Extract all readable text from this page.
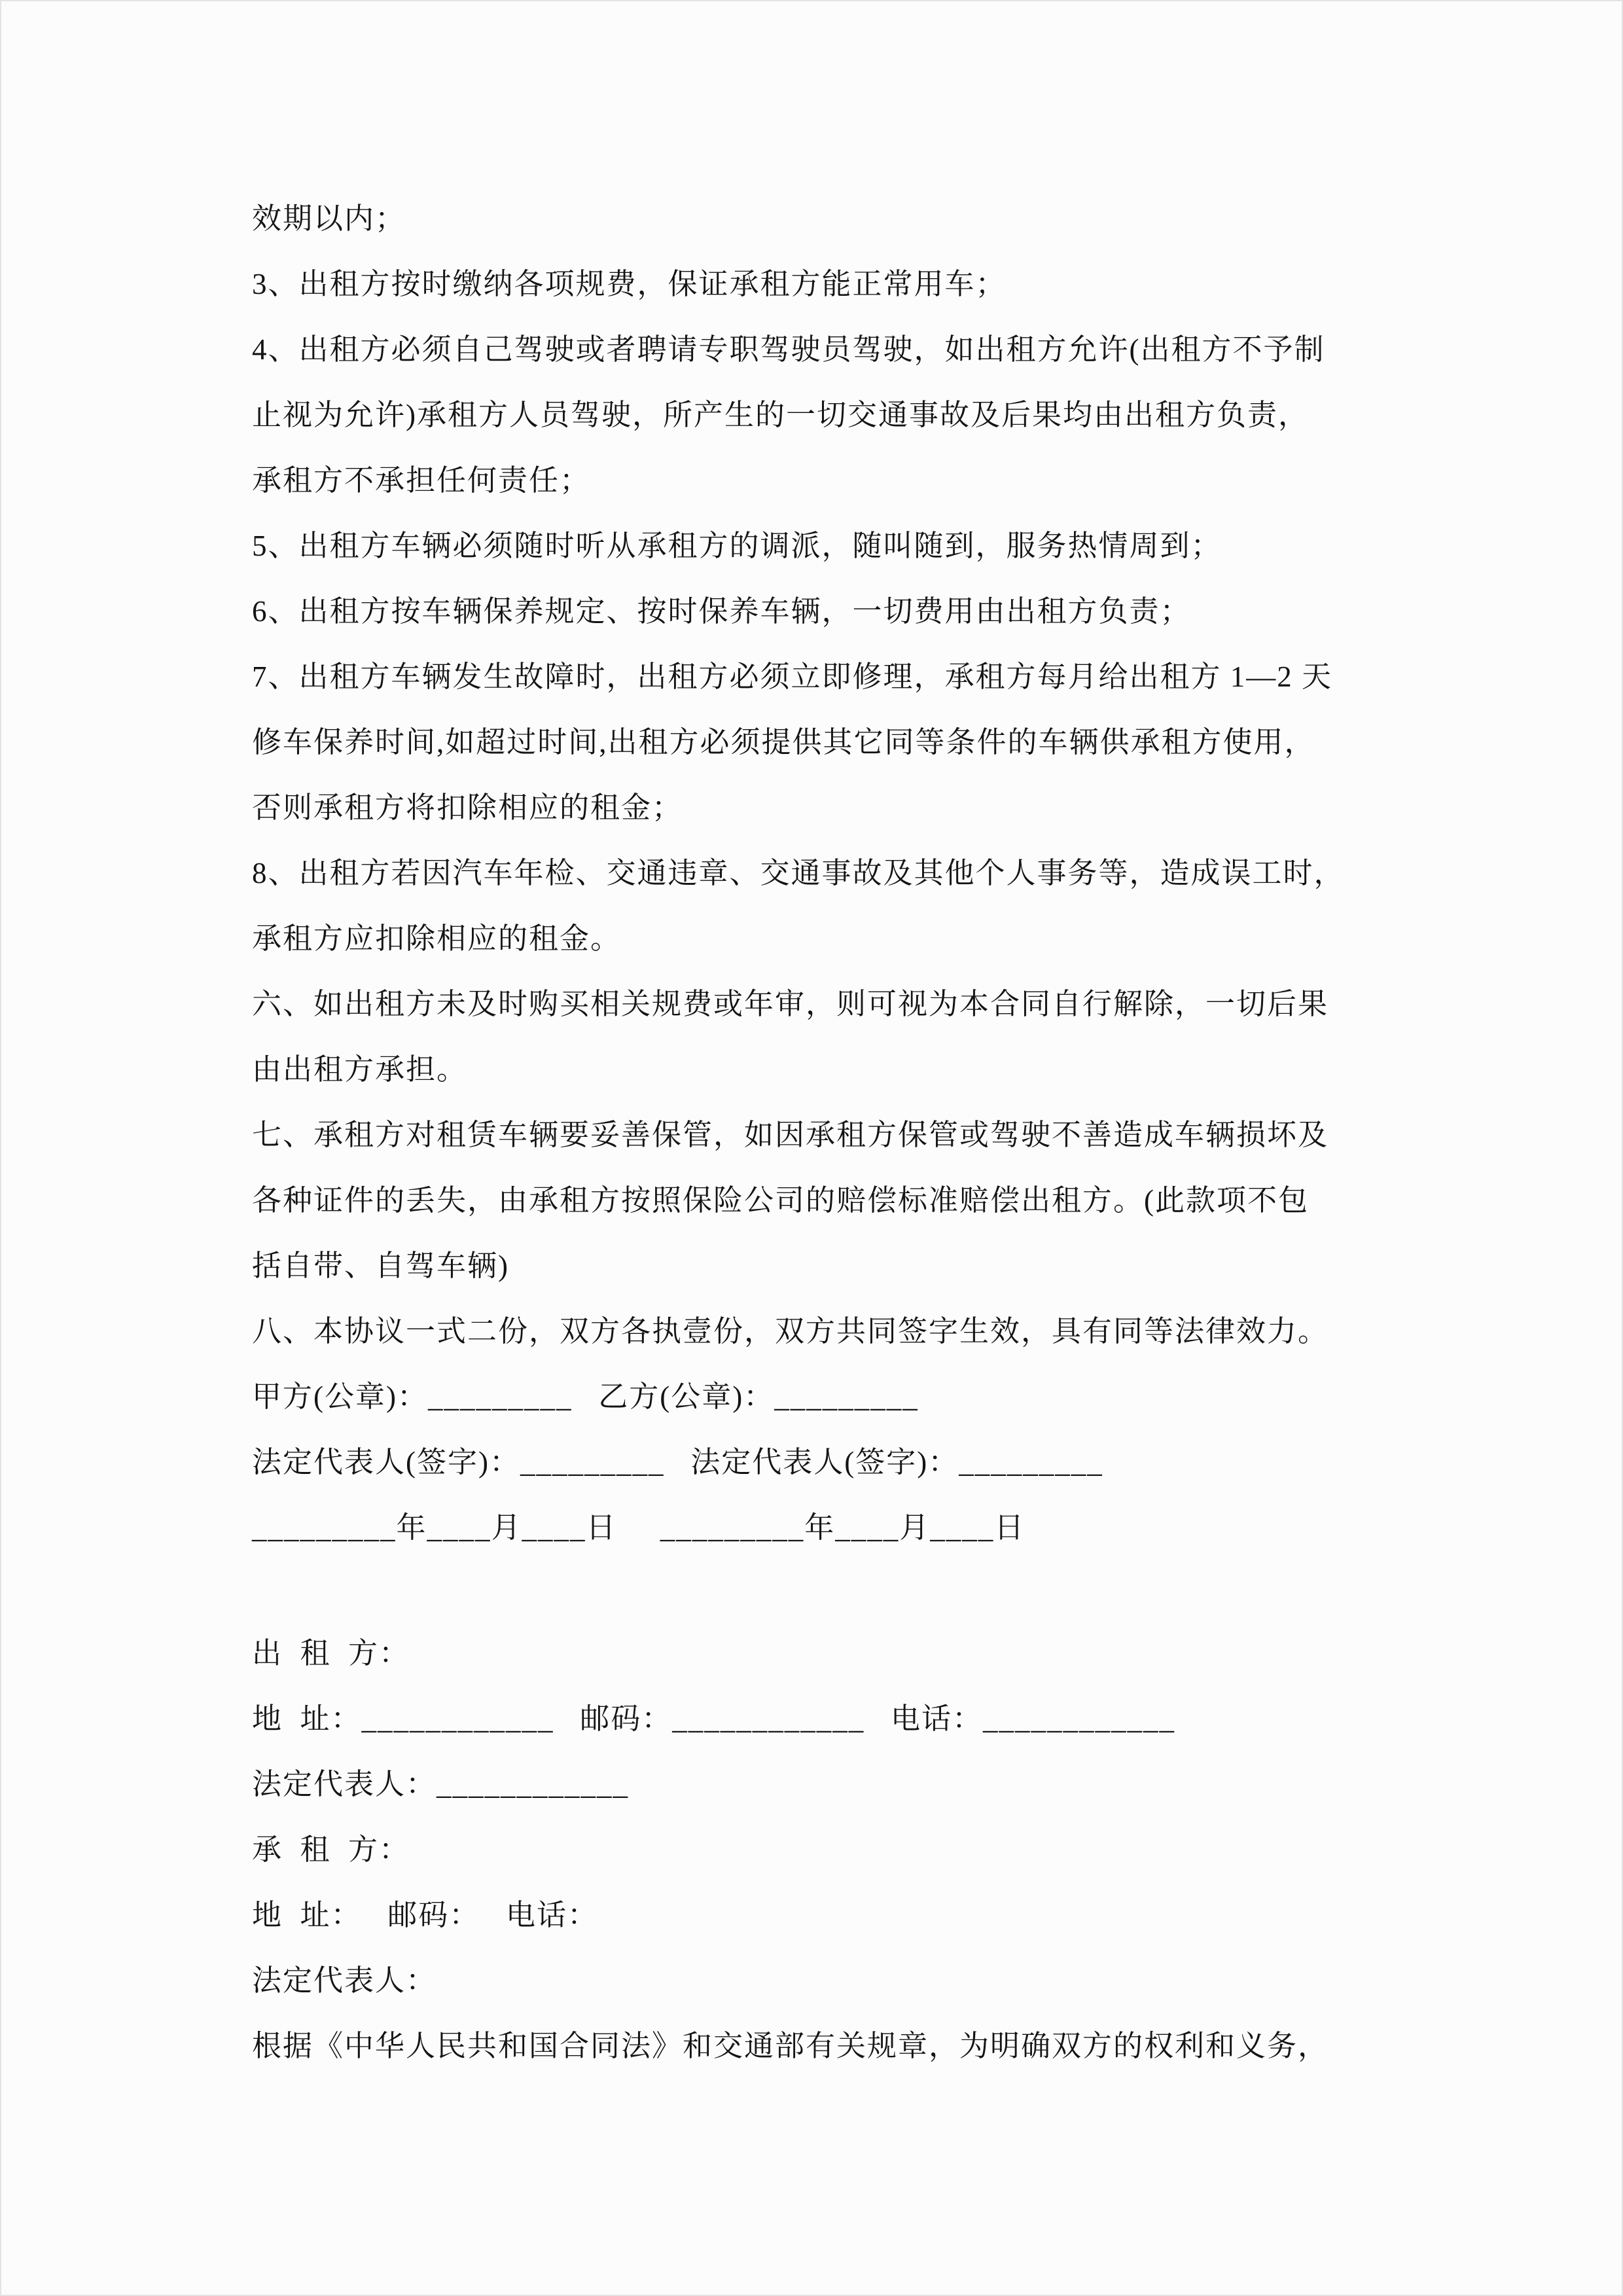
效期以内；
3、出租方按时缴纳各项规费，保证承租方能正常用车；
4、出租方必须自己驾驶或者聘请专职驾驶员驾驶，如出租方允许(出租方不予制
止视为允许)承租方人员驾驶，所产生的一切交通事故及后果均由出租方负责，
承租方不承担任何责任；
5、出租方车辆必须随时听从承租方的调派，随叫随到，服务热情周到；
6、出租方按车辆保养规定、按时保养车辆，一切费用由出租方负责；
7、出租方车辆发生故障时，出租方必须立即修理，承租方每月给出租方 1—2 天
修车保养时间,如超过时间,出租方必须提供其它同等条件的车辆供承租方使用，
否则承租方将扣除相应的租金；
8、出租方若因汽车年检、交通违章、交通事故及其他个人事务等，造成误工时，
承租方应扣除相应的租金。
六、如出租方未及时购买相关规费或年审，则可视为本合同自行解除，一切后果
由出租方承担。
七、承租方对租赁车辆要妥善保管，如因承租方保管或驾驶不善造成车辆损坏及
各种证件的丢失，由承租方按照保险公司的赔偿标准赔偿出租方。(此款项不包
括自带、自驾车辆)
八、本协议一式二份，双方各执壹份，双方共同签字生效，具有同等法律效力。
甲方(公章)：_________   乙方(公章)：_________
法定代表人(签字)：_________   法定代表人(签字)：_________
_________年____月____日     _________年____月____日
出  租  方：
地  址：____________   邮码：____________   电话：____________
法定代表人：____________
承  租  方：
地  址：   邮码：   电话：
法定代表人：
根据《中华人民共和国合同法》和交通部有关规章，为明确双方的权利和义务，
